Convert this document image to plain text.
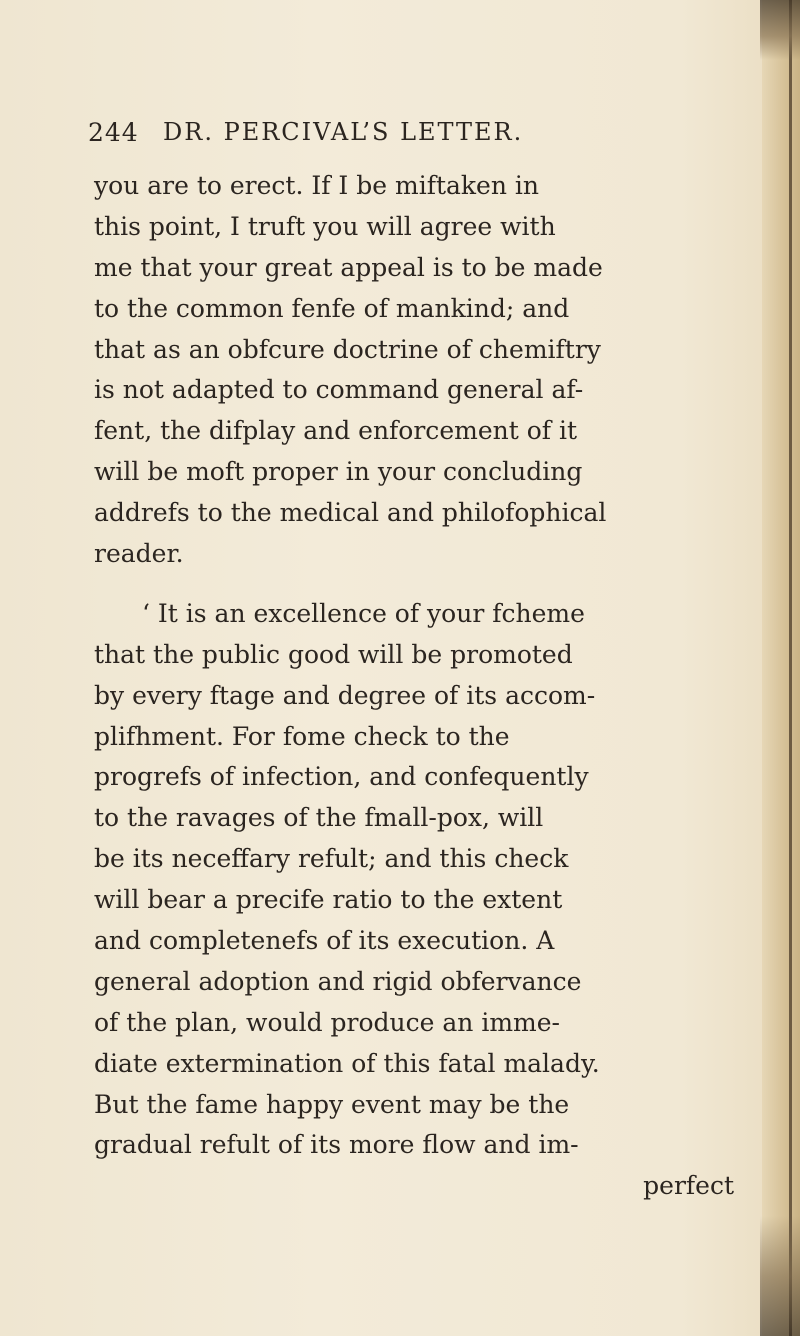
244 DR. PERCIVAL’S LETTER.
you are to erect. If I be miftaken in
this point, I truft you will agree with
me that your great appeal is to be made
to the common fenfe of mankind; and
that as an obfcure doctrine of chemiftry
is not adapted to command general af-
fent, the difplay and enforcement of it
will be moft proper in your concluding
addrefs to the medical and philofophical
reader.
‘ It is an excellence of your fcheme
that the public good will be promoted
by every ftage and degree of its accom-
plifhment. For fome check to the
progrefs of infection, and confequently
to the ravages of the fmall-pox, will
be its neceffary refult; and this check
will bear a precife ratio to the extent
and completenefs of its execution. A
general adoption and rigid obfervance
of the plan, would produce an imme-
diate extermination of this fatal malady.
But the fame happy event may be the
gradual refult of its more flow and im-
perfect
